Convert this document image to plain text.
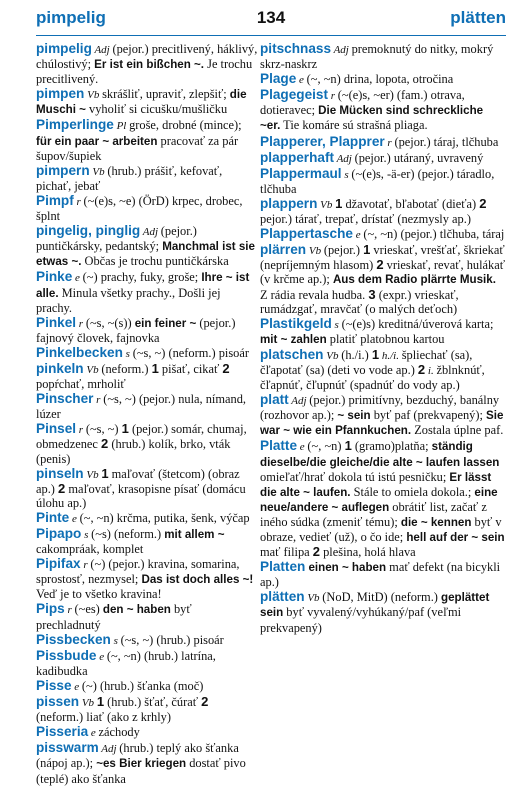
pimpelig	134	plätten
pimpelig Adj (pejor.) precitlivený, háklivý, chúlostivý; Er ist ein bißchen ~. Je trochu precitlivený.
pimpen Vb skrášliť, upraviť, zlepšiť; die Muschi ~ vyholiť si cicušku/mušličku
Pimperlinge Pl groše, drobné (mince); für ein paar ~ arbeiten pracovať za pár šupov/šupiek
pimpern Vb (hrub.) prášiť, kefovať, pichať, jebať
Pimpf r (~(e)s, ~e) (ÖrD) krpec, drobec, šplnt
pingelig, pinglig Adj (pejor.) puntičkársky, pedantský; Manchmal ist sie etwas ~. Občas je trochu puntičkárska
Pinke e (~) prachy, fuky, groše; Ihre ~ ist alle. Minula všetky prachy., Došli jej prachy.
Pinkel r (~s, ~(s)) ein feiner ~ (pejor.) fajnový človek, fajnovka
Pinkelbecken s (~s, ~) (neform.) pisoár
pinkeln Vb (neform.) 1 pišať, cikať 2 popŕchať, mrholiť
Pinscher r (~s, ~) (pejor.) nula, nímand, lúzer
Pinsel r (~s, ~) 1 (pejor.) somár, chumaj, obmedzenec 2 (hrub.) kolík, brko, vták (penis)
pinseln Vb 1 maľovať (štetcom) (obraz ap.) 2 maľovať, krasopisne písať (domácu úlohu ap.)
Pinte e (~, ~n) krčma, putika, šenk, výčap
Pipapo s (~s) (neform.) mit allem ~ cakompráak, komplet
Pipifax r (~) (pejor.) kravina, somarina, sprostosť, nezmysel; Das ist doch alles ~! Veď je to všetko kravina!
Pips r (~es) den ~ haben byť prechladnutý
Pissbecken s (~s, ~) (hrub.) pisoár
Pissbude e (~, ~n) (hrub.) latrína, kadibudka
Pisse e (~) (hrub.) šťanka (moč)
pissen Vb 1 (hrub.) šťať, čúrať 2 (neform.) liať (ako z krhly)
Pisseria e záchody
pisswarm Adj (hrub.) teplý ako šťanka (nápoj ap.); ~es Bier kriegen dostať pivo (teplé) ako šťanka
pitschnass Adj premoknutý do nitky, mokrý skrz-naskrz
Plage e (~, ~n) drina, lopota, otročina
Plagegeist r (~(e)s, ~er) (fam.) otrava, dotieravec; Die Mücken sind schreckliche ~er. Tie komáre sú strašná pliaga.
Plapperer, Plapprer r (pejor.) táraj, tlčhuba
plapperhaft Adj (pejor.) utáraný, uvravený
Plappermaul s (~(e)s, -ä-er) (pejor.) táradlo, tlčhuba
plappern Vb 1 džavotať, bľabotať (dieťa) 2 pejor.) tárať, trepať, drístať (nezmysly ap.)
Plappertasche e (~, ~n) (pejor.) tlčhuba, táraj
plärren Vb (pejor.) 1 vrieskať, vrešťať, škriekať (nepríjemným hlasom) 2 vrieskať, revať, hulákať (v krčme ap.); Aus dem Radio plärrte Musik. Z rádia revala hudba. 3 (expr.) vrieskať, rumádzgať, mravčať (o malých deťoch)
Plastikgeld s (~(e)s) kreditná/úverová karta; mit ~ zahlen platiť platobnou kartou
platschen Vb (h./i.) 1 h./i. špliechať (sa), čľapotať (sa) (deti vo vode ap.) 2 i. žblnknúť, čľapnúť, čľupnúť (spadnúť do vody ap.)
platt Adj (pejor.) primitívny, bezduchý, banálny (rozhovor ap.); ~ sein byť paf (prekvapený); Sie war ~ wie ein Pfannkuchen. Zostala úplne paf.
Platte e (~, ~n) 1 (gramo)platňa; ständig dieselbe/die gleiche/die alte ~ laufen lassen omieľať/hrať dokola tú istú pesničku; Er lässt die alte ~ laufen. Stále to omiela dokola.; eine neue/andere ~ auflegen obrátiť list, začať z iného súdka (zmeniť tému); die ~ kennen byť v obraze, vedieť (už), o čo ide; hell auf der ~ sein mať filipa 2 plešina, holá hlava
Platten einen ~ haben mať defekt (na bicykli ap.)
plätten Vb (NoD, MitD) (neform.) geplättet sein byť vyvalený/vyhúkaný/paf (veľmi prekvapený)
